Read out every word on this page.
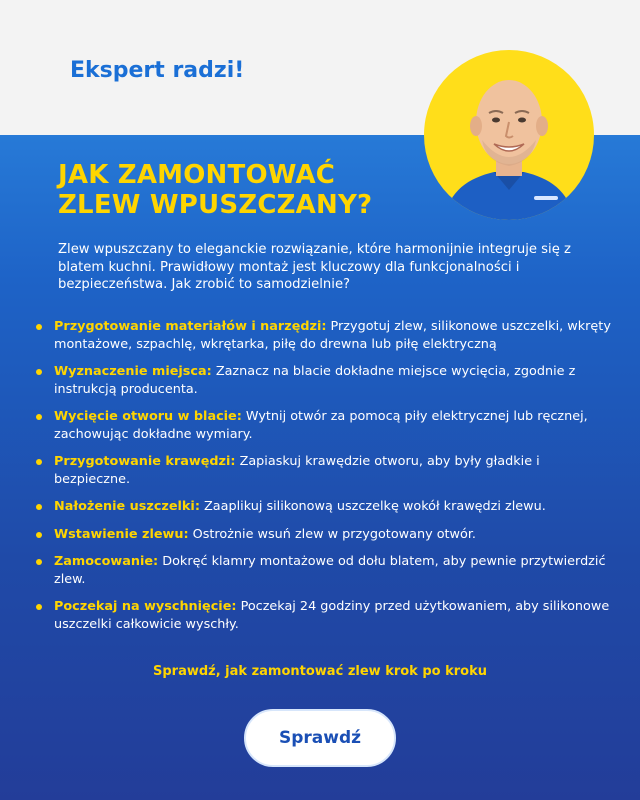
Ekspert radzi!
JAK ZAMONTOWAĆ
ZLEW WPUSZCZANY?

Zlew wpuszczany to eleganckie rozwiązanie, które harmonijnie integruje się z blatem kuchni. Prawidłowy montaż jest kluczowy dla funkcjonalności i bezpieczeństwa. Jak zrobić to samodzielnie?

Przygotowanie materiałów i narzędzi: Przygotuj zlew, silikonowe uszczelki, wkręty montażowe, szpachlę, wkrętarka, piłę do drewna lub piłę elektryczną
Wyznaczenie miejsca: Zaznacz na blacie dokładne miejsce wycięcia, zgodnie z instrukcją producenta.
Wycięcie otworu w blacie: Wytnij otwór za pomocą piły elektrycznej lub ręcznej, zachowując dokładne wymiary.
Przygotowanie krawędzi: Zapiaskuj krawędzie otworu, aby były gładkie i bezpieczne.
Nałożenie uszczelki: Zaaplikuj silikonową uszczelkę wokół krawędzi zlewu.
Wstawienie zlewu: Ostrożnie wsuń zlew w przygotowany otwór.
Zamocowanie: Dokręć klamry montażowe od dołu blatem, aby pewnie przytwierdzić zlew.
Poczekaj na wyschnięcie: Poczekaj 24 godziny przed użytkowaniem, aby silikonowe uszczelki całkowicie wyschły.
Sprawdź, jak zamontować zlew krok po kroku
Sprawdź
